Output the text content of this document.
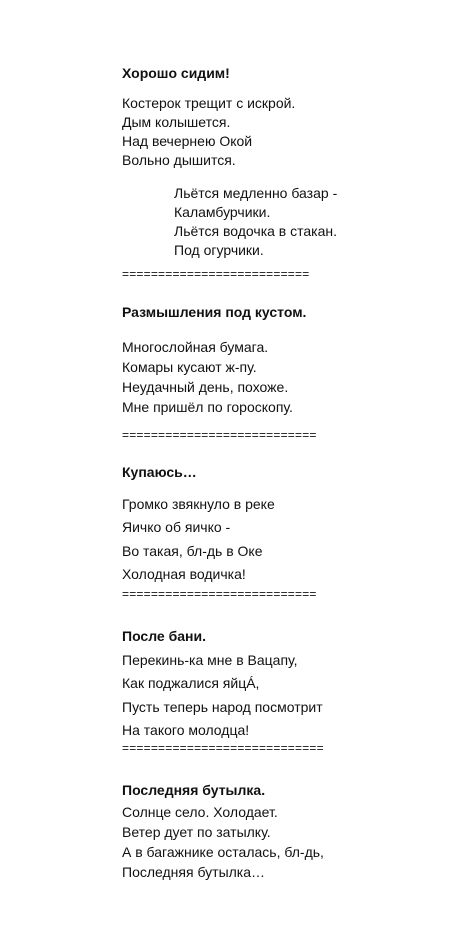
Хорошо сидим!
Костерок трещит с искрой.
Дым колышется.
Над вечернею Окой
Вольно дышится.
Льётся медленно базар -
Каламбурчики.
Льётся водочка в стакан.
Под огурчики.
==========================
Размышления под кустом.
Многослойная бумага.
Комары кусают ж-пу.
Неудачный день, похоже.
Мне пришёл по гороскопу.
===========================
Купаюсь…
Громко звякнуло в реке
Яичко об яичко -
Во такая, бл-дь в Оке
Холодная водичка!
===========================
После бани.
Перекинь-ка мне в Вацапу,
Как поджалися яйцÁ,
Пусть теперь народ посмотрит
На такого молодца!
============================
Последняя бутылка.
Солнце село. Холодает.
Ветер дует по затылку.
А в багажнике осталась, бл-дь,
Последняя бутылка…
